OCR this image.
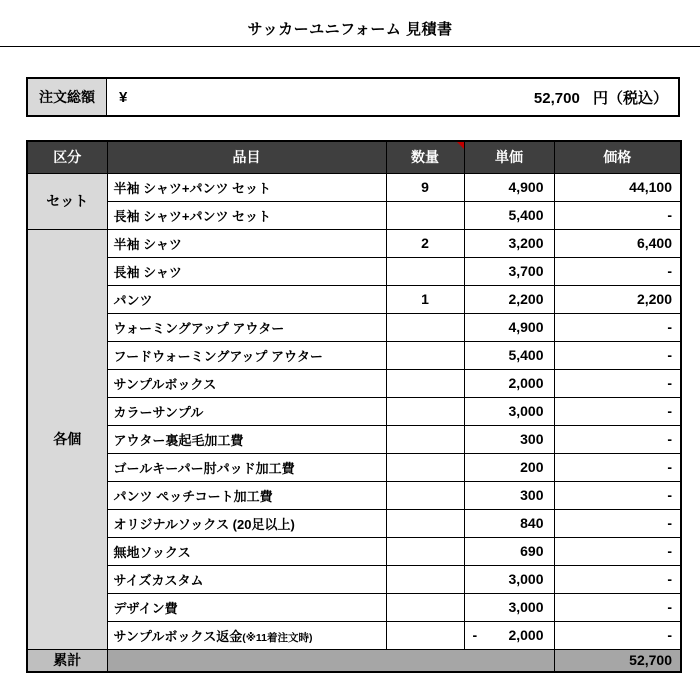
サッカーユニフォーム 見積書
注文総額	¥	52,700 円（税込）
区分	品目	数量	単価	価格
セット	半袖 シャツ+パンツ セット	9	4,900	44,100
	長袖 シャツ+パンツ セット		5,400	-
各個	半袖 シャツ	2	3,200	6,400
	長袖 シャツ		3,700	-
	パンツ	1	2,200	2,200
	ウォーミングアップ アウター		4,900	-
	フードウォーミングアップ アウター		5,400	-
	サンプルボックス		2,000	-
	カラーサンプル		3,000	-
	アウター裏起毛加工費		300	-
	ゴールキーパー肘パッド加工費		200	-
	パンツ ペッチコート加工費		300	-
	オリジナルソックス (20足以上)		840	-
	無地ソックス		690	-
	サイズカスタム		3,000	-
	デザイン費		3,000	-
	サンプルボックス返金(※11着注文時)		- 2,000	-
累計				52,700
